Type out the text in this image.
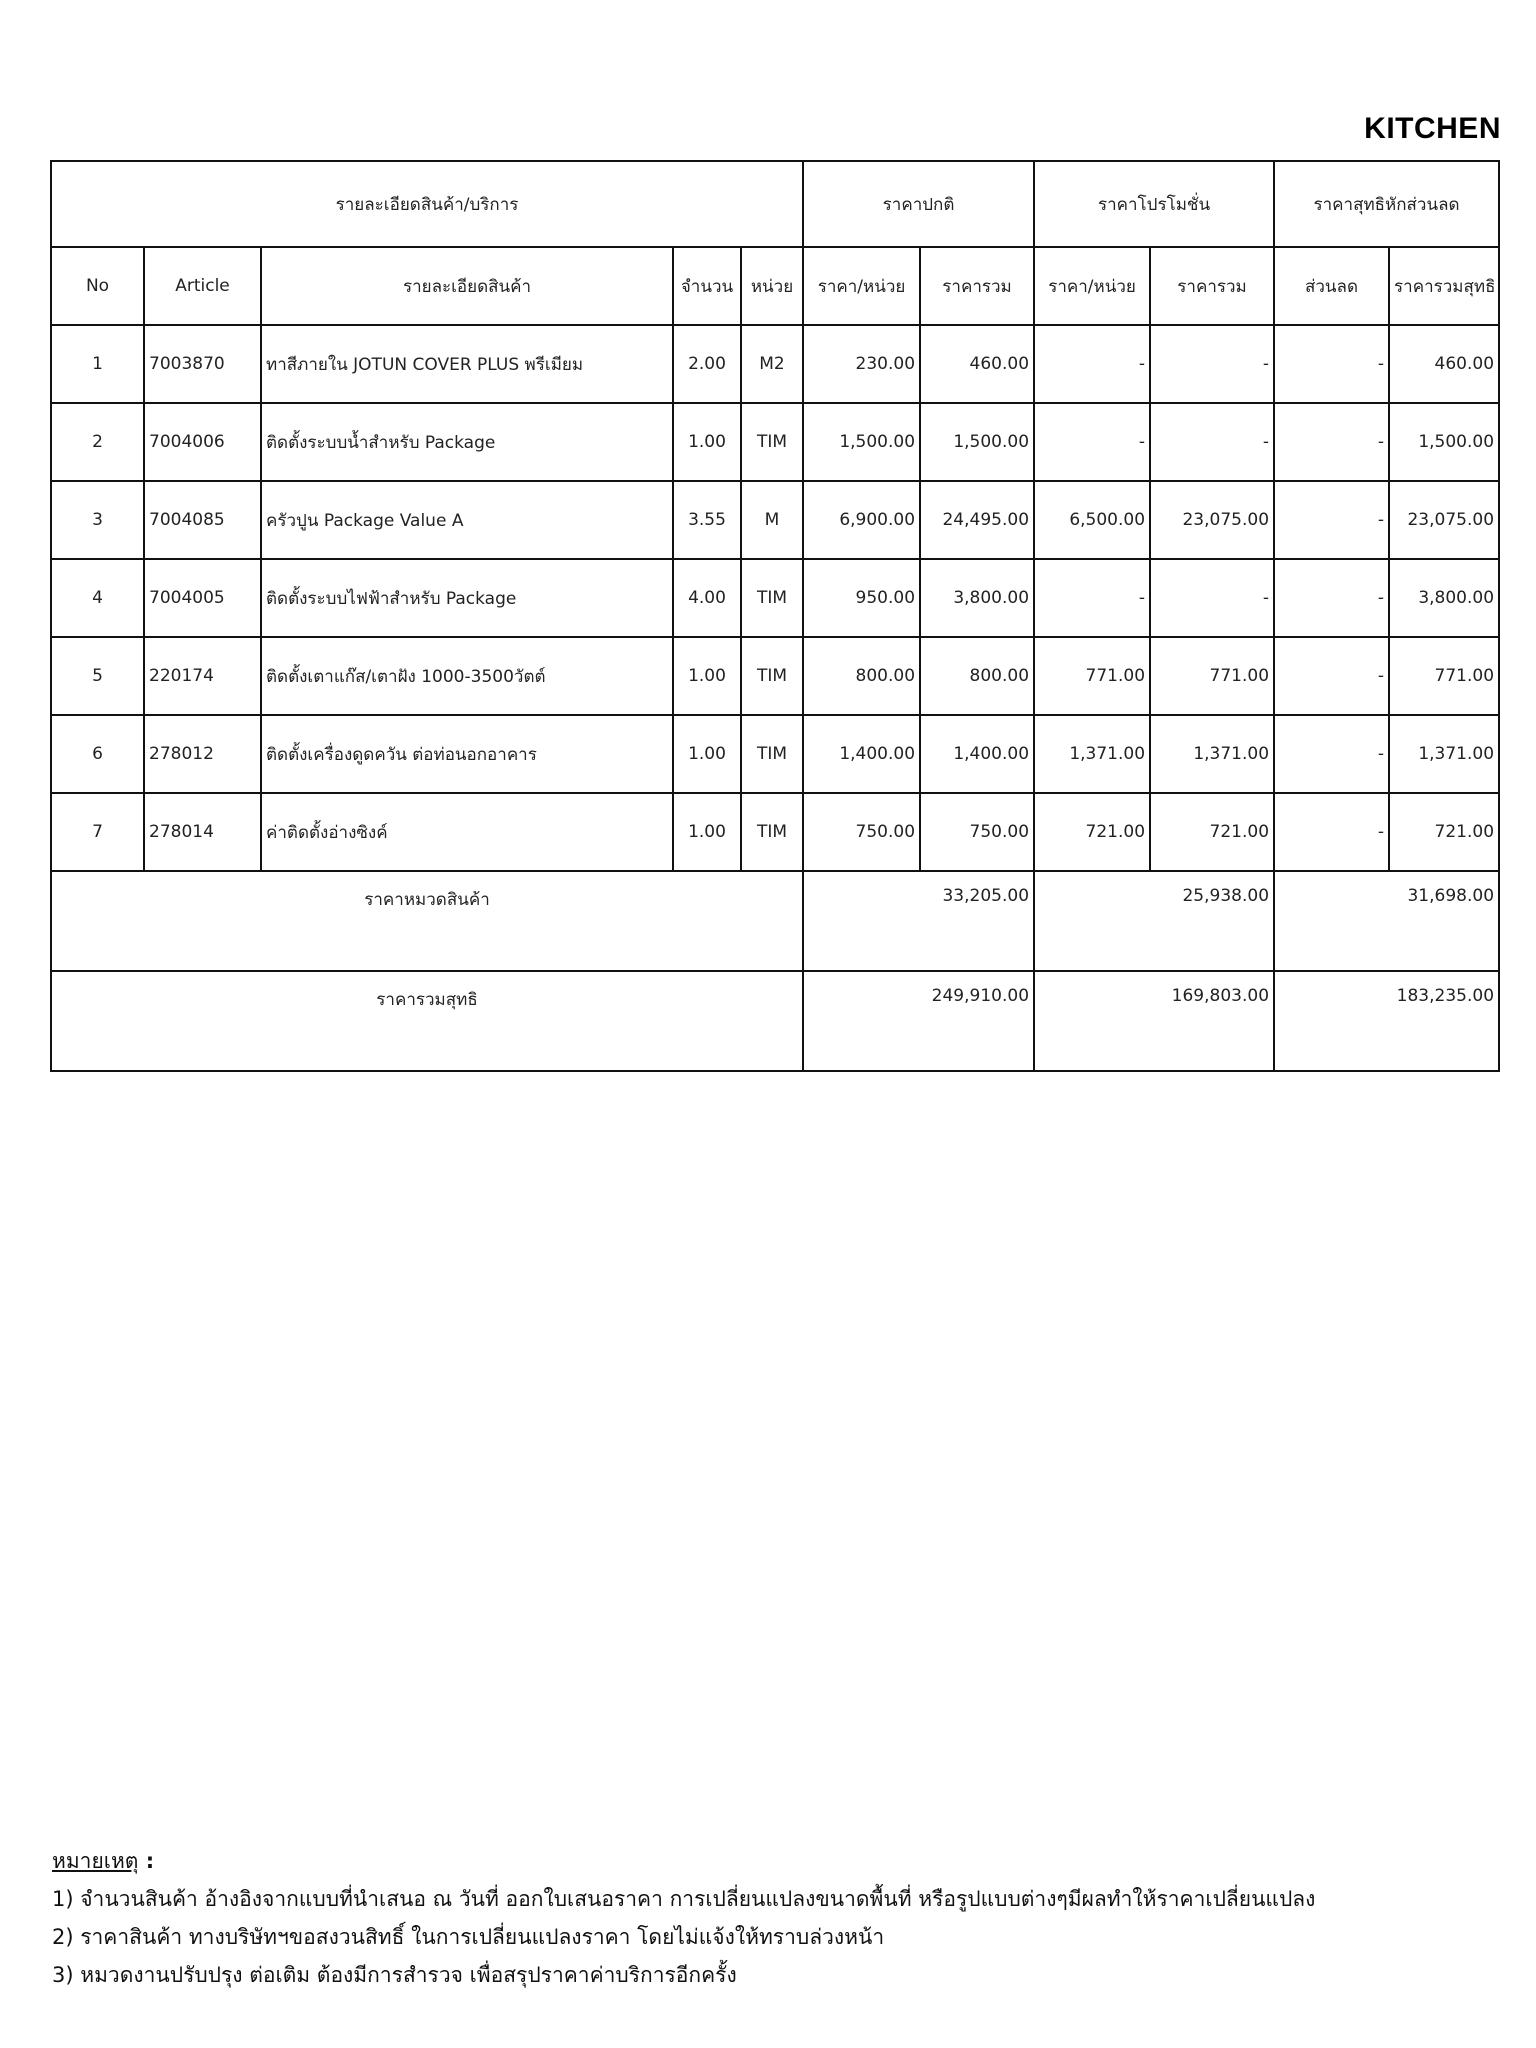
KITCHEN
รายละเอียดสินค้า/บริการ					ราคาปกติ		ราคาโปรโมชั่น		ราคาสุทธิหักส่วนลด	
No	Article	รายละเอียดสินค้า	จำนวน	หน่วย	ราคา/หน่วย	ราคารวม	ราคา/หน่วย	ราคารวม	ส่วนลด	ราคารวมสุทธิ
1	7003870	ทาสีภายใน JOTUN COVER PLUS พรีเมียม	2.00	M2	230.00	460.00	-	-	-	460.00
2	7004006	ติดตั้งระบบน้ำสำหรับ Package	1.00	TIM	1,500.00	1,500.00	-	-	-	1,500.00
3	7004085	ครัวปูน Package Value A	3.55	M	6,900.00	24,495.00	6,500.00	23,075.00	-	23,075.00
4	7004005	ติดตั้งระบบไฟฟ้าสำหรับ Package	4.00	TIM	950.00	3,800.00	-	-	-	3,800.00
5	220174	ติดตั้งเตาแก๊ส/เตาฝัง 1000-3500วัตต์	1.00	TIM	800.00	800.00	771.00	771.00	-	771.00
6	278012	ติดตั้งเครื่องดูดควัน ต่อท่อนอกอาคาร	1.00	TIM	1,400.00	1,400.00	1,371.00	1,371.00	-	1,371.00
7	278014	ค่าติดตั้งอ่างซิงค์	1.00	TIM	750.00	750.00	721.00	721.00	-	721.00
ราคาหมวดสินค้า					33,205.00		25,938.00		31,698.00	
ราคารวมสุทธิ					249,910.00		169,803.00		183,235.00	
หมายเหตุ :
1) จำนวนสินค้า อ้างอิงจากแบบที่นำเสนอ ณ วันที่ ออกใบเสนอราคา การเปลี่ยนแปลงขนาดพื้นที่ หรือรูปแบบต่างๆมีผลทำให้ราคาเปลี่ยนแปลง
2) ราคาสินค้า ทางบริษัทฯขอสงวนสิทธิ์ ในการเปลี่ยนแปลงราคา โดยไม่แจ้งให้ทราบล่วงหน้า
3) หมวดงานปรับปรุง ต่อเติม ต้องมีการสำรวจ เพื่อสรุปราคาค่าบริการอีกครั้ง
